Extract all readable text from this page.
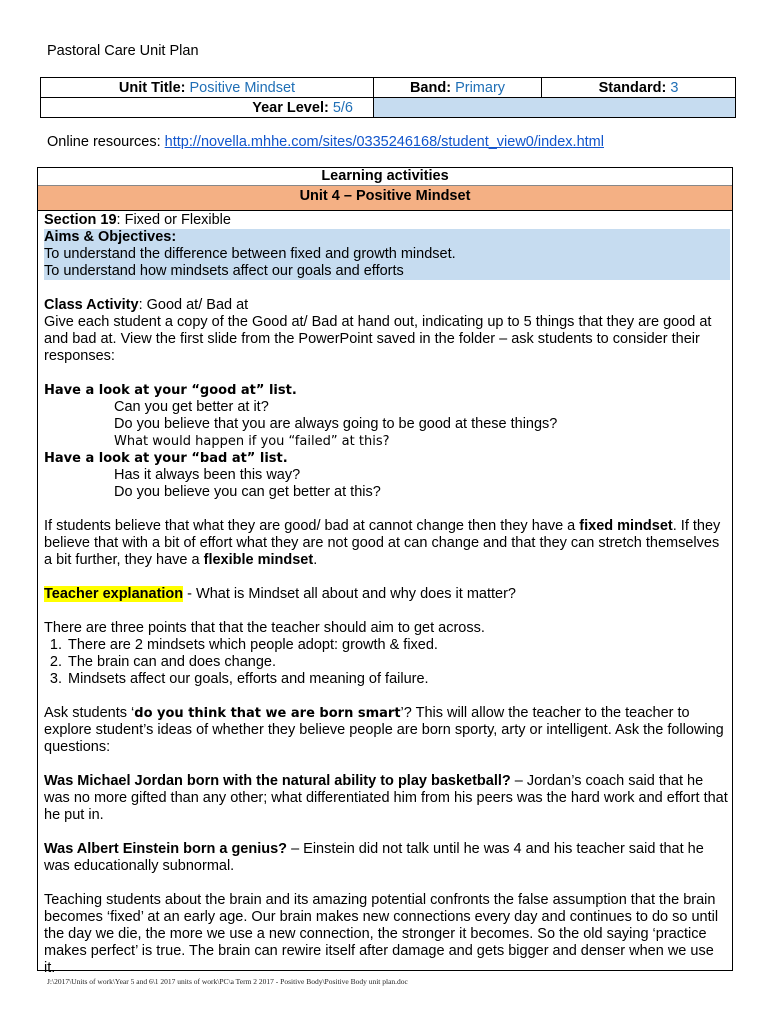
Pastoral Care Unit Plan
Unit Title: Positive Mindset	Band: Primary	Standard: 3
Year Level: 5/6		
Online resources: http://novella.mhhe.com/sites/0335246168/student_view0/index.html
Learning activities
Unit 4 – Positive Mindset
Section 19: Fixed or Flexible
Aims & Objectives:
To understand the difference between fixed and growth mindset.
To understand how mindsets affect our goals and efforts
Class Activity: Good at/ Bad at
Give each student a copy of the Good at/ Bad at hand out, indicating up to 5 things that they are good at and bad at. View the first slide from the PowerPoint saved in the folder – ask students to consider their responses:
Have a look at your “good at” list.
Can you get better at it?
Do you believe that you are always going to be good at these things?
What would happen if you “failed” at this?
Have a look at your “bad at” list.
Has it always been this way?
Do you believe you can get better at this?
If students believe that what they are good/ bad at cannot change then they have a fixed mindset. If they believe that with a bit of effort what they are not good at can change and that they can stretch themselves a bit further, they have a flexible mindset.
Teacher explanation - What is Mindset all about and why does it matter?
There are three points that that the teacher should aim to get across.
1. There are 2 mindsets which people adopt: growth & fixed.
2. The brain can and does change.
3. Mindsets affect our goals, efforts and meaning of failure.
Ask students ‘do you think that we are born smart’? This will allow the teacher to the teacher to explore student’s ideas of whether they believe people are born sporty, arty or intelligent. Ask the following questions:
Was Michael Jordan born with the natural ability to play basketball? – Jordan’s coach said that he was no more gifted than any other; what differentiated him from his peers was the hard work and effort that he put in.
Was Albert Einstein born a genius? – Einstein did not talk until he was 4 and his teacher said that he was educationally subnormal.
Teaching students about the brain and its amazing potential confronts the false assumption that the brain becomes ‘fixed’ at an early age. Our brain makes new connections every day and continues to do so until the day we die, the more we use a new connection, the stronger it becomes. So the old saying ‘practice makes perfect’ is true. The brain can rewire itself after damage and gets bigger and denser when we use it.
J:\2017\Units of work\Year 5 and 6\1 2017 units of work\PC\a Term 2 2017 - Positive Body\Positive Body unit plan.doc
